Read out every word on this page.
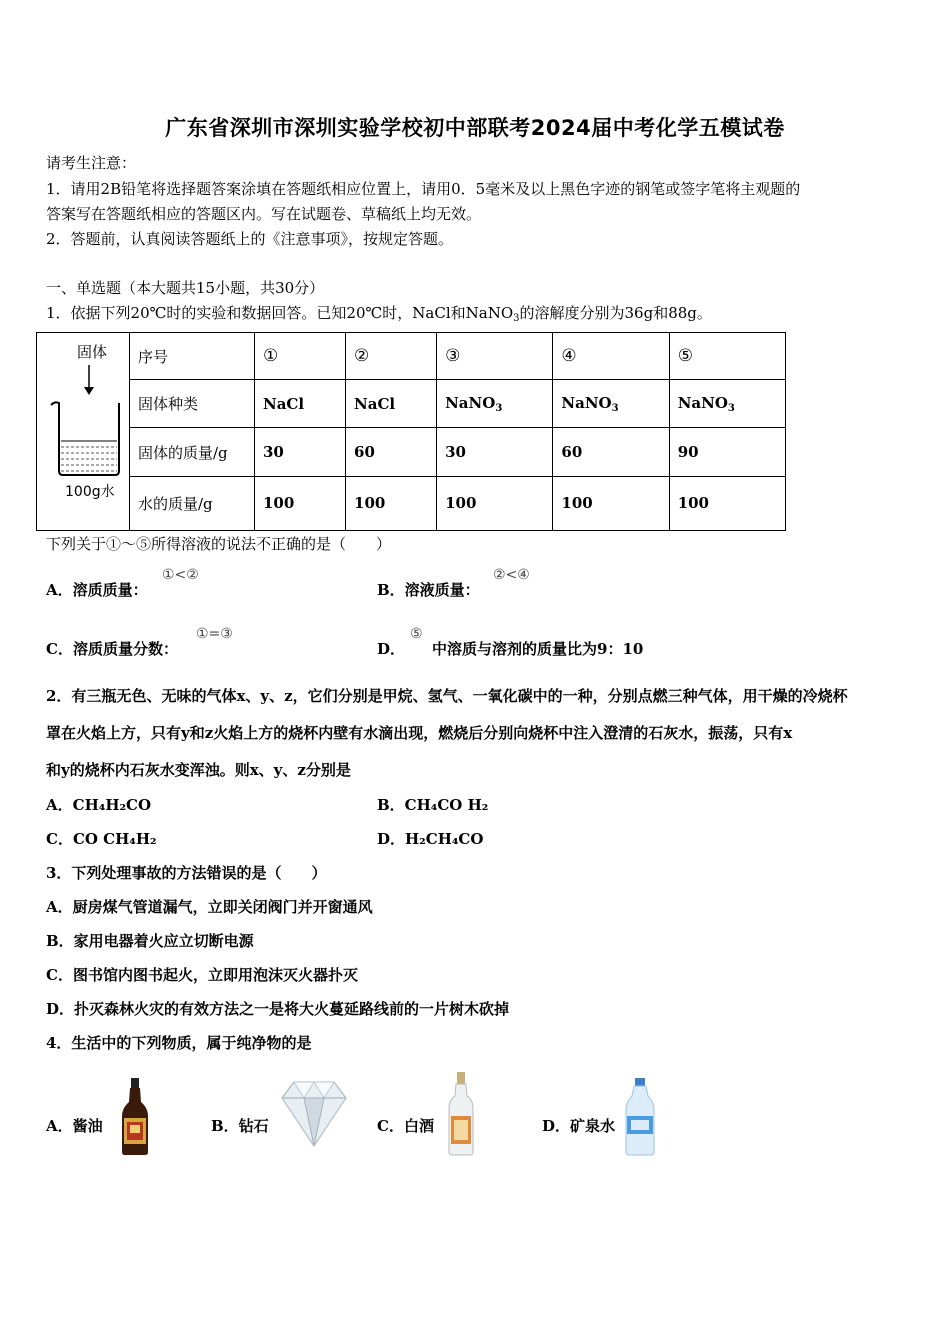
广东省深圳市深圳实验学校初中部联考2024届中考化学五模试卷
请考生注意：
1．请用2B铅笔将选择题答案涂填在答题纸相应位置上，请用0．5毫米及以上黑色字迹的钢笔或签字笔将主观题的
答案写在答题纸相应的答题区内。写在试题卷、草稿纸上均无效。
2．答题前，认真阅读答题纸上的《注意事项》，按规定答题。
一、单选题（本大题共15小题，共30分）
1．依据下列20℃时的实验和数据回答。已知20℃时，NaCl和NaNO$_3$的溶解度分别为36g和88g。
固体
100g水	序号	①	②	③	④	⑤
	固体种类	NaCl	NaCl	NaNO$_3$	NaNO$_3$	NaNO$_3$
	固体的质量/g	30	60	30	60	90
	水的质量/g	100	100	100	100	100
下列关于①～⑤所得溶液的说法不正确的是（　　）
A．溶质质量：
①<②
B．溶液质量：
②<④
C．溶质质量分数：
①=③
D．
⑤
中溶质与溶剂的质量比为9：10
2．有三瓶无色、无味的气体x、y、z，它们分别是甲烷、氢气、一氧化碳中的一种，分别点燃三种气体，用干燥的冷烧杯
罩在火焰上方，只有y和z火焰上方的烧杯内壁有水滴出现，燃烧后分别向烧杯中注入澄清的石灰水，振荡，只有x
和y的烧杯内石灰水变浑浊。则x、y、z分别是
A．CH₄H₂CO	B．CH₄CO H₂
C．CO CH₄H₂	D．H₂CH₄CO
3．下列处理事故的方法错误的是（　　）
A．厨房煤气管道漏气，立即关闭阀门并开窗通风
B．家用电器着火应立切断电源
C．图书馆内图书起火，立即用泡沫灭火器扑灭
D．扑灭森林火灾的有效方法之一是将大火蔓延路线前的一片树木砍掉
4．生活中的下列物质，属于纯净物的是
A．酱油	B．钻石	C．白酒	D．矿泉水
